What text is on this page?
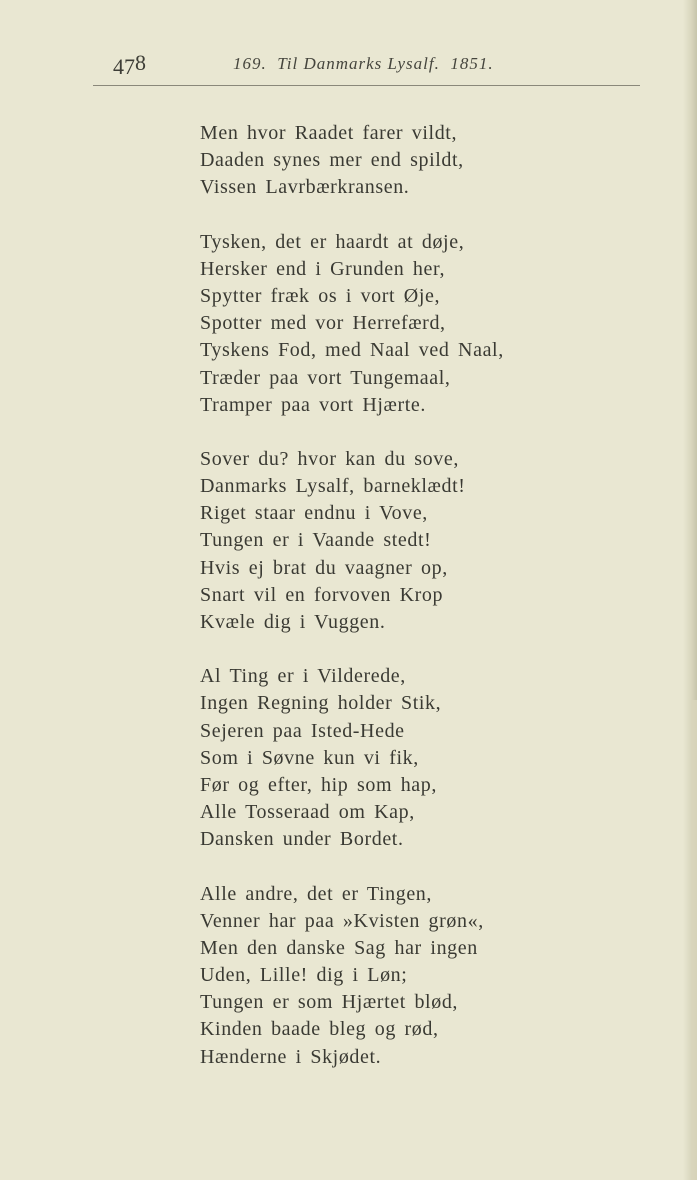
478	169.  Til Danmarks Lysalf.  1851.
Men hvor Raadet farer vildt,
Daaden synes mer end spildt,
Vissen Lavrbærkransen.
Tysken, det er haardt at døje,
Hersker end i Grunden her,
Spytter fræk os i vort Øje,
Spotter med vor Herrefærd,
Tyskens Fod, med Naal ved Naal,
Træder paa vort Tungemaal,
Tramper paa vort Hjærte.
Sover du? hvor kan du sove,
Danmarks Lysalf, barneklædt!
Riget staar endnu i Vove,
Tungen er i Vaande stedt!
Hvis ej brat du vaagner op,
Snart vil en forvoven Krop
Kvæle dig i Vuggen.
Al Ting er i Vilderede,
Ingen Regning holder Stik,
Sejeren paa Isted-Hede
Som i Søvne kun vi fik,
Før og efter, hip som hap,
Alle Tosseraad om Kap,
Dansken under Bordet.
Alle andre, det er Tingen,
Venner har paa »Kvisten grøn«,
Men den danske Sag har ingen
Uden, Lille! dig i Løn;
Tungen er som Hjærtet blød,
Kinden baade bleg og rød,
Hænderne i Skjødet.
